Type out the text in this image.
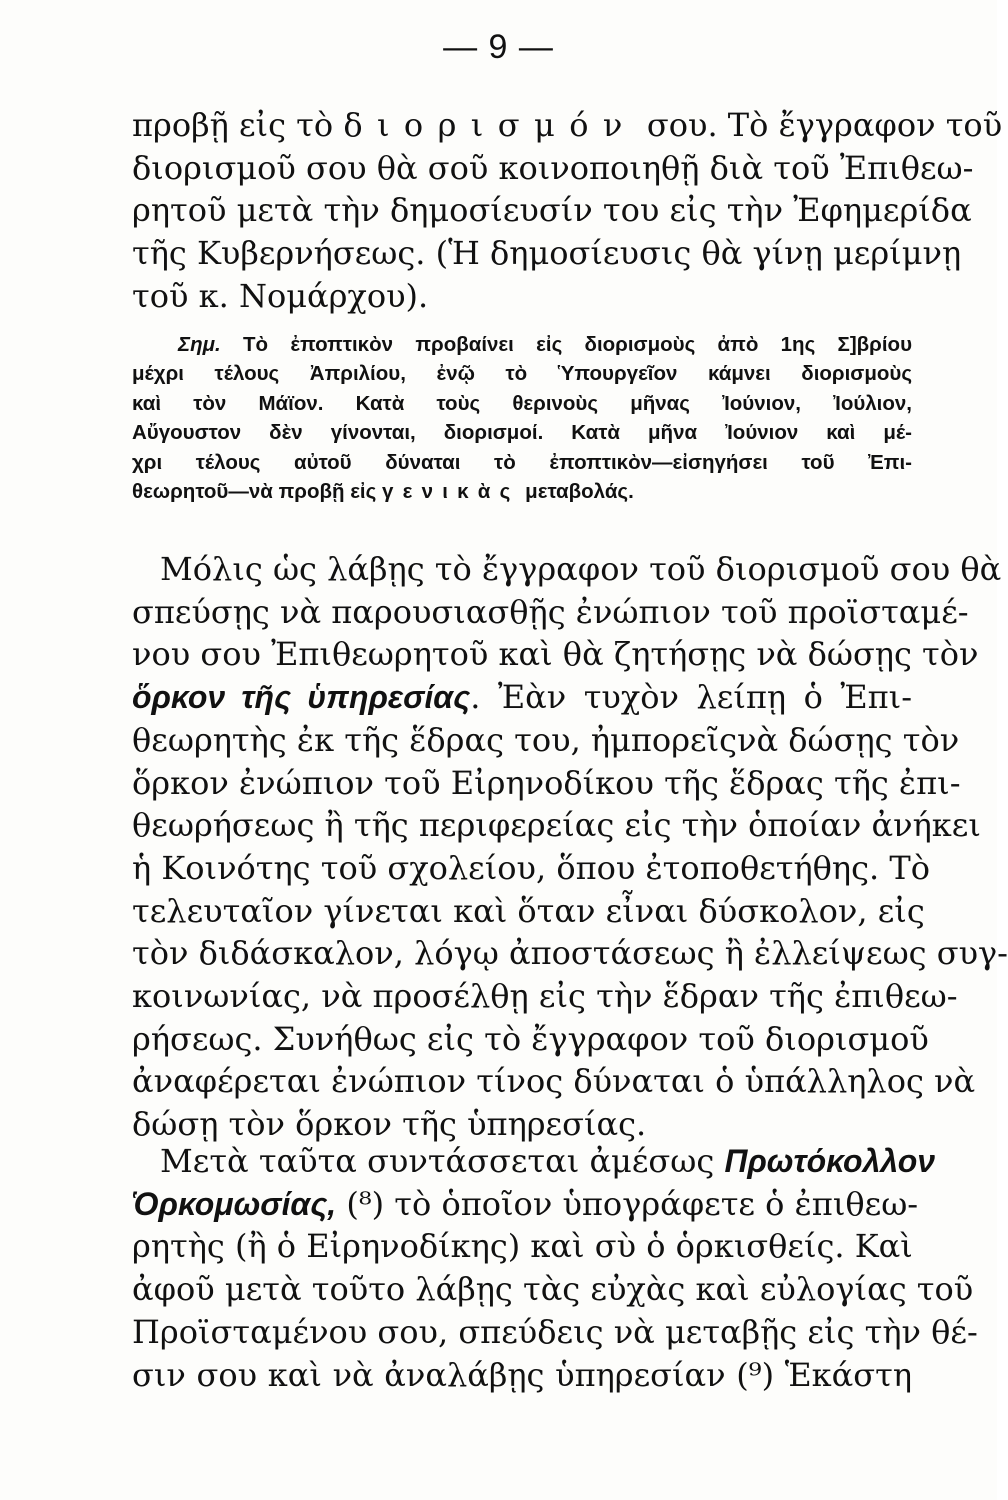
— 9 —
προβῇ εἰς τὸ διορισμόν σου. Τὸ ἔγγραφον τοῦ
διορισμοῦ σου θὰ σοῦ κοινοποιηθῇ διὰ τοῦ Ἐπιθεω-
ρητοῦ μετὰ τὴν δημοσίευσίν του εἰς τὴν Ἐφημερίδα
τῆς Κυβερνήσεως. (Ἡ δημοσίευσις θὰ γίνῃ μερίμνῃ
τοῦ κ. Νομάρχου).
Σημ. Τὸ ἐποπτικὸν προβαίνει εἰς διορισμοὺς ἀπὸ 1ης Σ]βρίου
μέχρι τέλους Ἀπριλίου, ἐνῷ τὸ Ὑπουργεῖον κάμνει διορισμοὺς
καὶ τὸν Μάϊον. Κατὰ τοὺς θερινοὺς μῆνας Ἰούνιον, Ἰούλιον,
Αὔγουστον δὲν γίνονται, διορισμοί. Κατὰ μῆνα Ἰούνιον καὶ μέ-
χρι τέλους αὐτοῦ δύναται τὸ ἐποπτικὸν—εἰσηγήσει τοῦ Ἐπι-
θεωρητοῦ—νὰ προβῇ εἰς γενικὰς μεταβολάς.
Μόλις ὡς λάβῃς τὸ ἔγγραφον τοῦ διορισμοῦ σου θὰ
σπεύσῃς νὰ παρουσιασθῇς ἐνώπιον τοῦ προϊσταμέ-
νου σου Ἐπιθεωρητοῦ καὶ θὰ ζητήσῃς νὰ δώσῃς τὸν
ὅρκον τῆς ὑπηρεσίας. Ἐὰν τυχὸν λείπῃ ὁ Ἐπι-
θεωρητὴς ἐκ τῆς ἕδρας του, ἠμπορεῖςνὰ δώσῃς τὸν
ὅρκον ἐνώπιον τοῦ Εἰρηνοδίκου τῆς ἕδρας τῆς ἐπι-
θεωρήσεως ἢ τῆς περιφερείας εἰς τὴν ὁποίαν ἀνήκει
ἡ Κοινότης τοῦ σχολείου, ὅπου ἐτοποθετήθης. Τὸ
τελευταῖον γίνεται καὶ ὅταν εἶναι δύσκολον, εἰς
τὸν διδάσκαλον, λόγῳ ἀποστάσεως ἢ ἐλλείψεως συγ-
κοινωνίας, νὰ προσέλθῃ εἰς τὴν ἕδραν τῆς ἐπιθεω-
ρήσεως. Συνήθως εἰς τὸ ἔγγραφον τοῦ διορισμοῦ
ἀναφέρεται ἐνώπιον τίνος δύναται ὁ ὑπάλληλος νὰ
δώσῃ τὸν ὅρκον τῆς ὑπηρεσίας.
Μετὰ ταῦτα συντάσσεται ἀμέσως Πρωτόκολλον
Ὁρκομωσίας, (⁸) τὸ ὁποῖον ὑπογράφετε ὁ ἐπιθεω-
ρητὴς (ἢ ὁ Εἰρηνοδίκης) καὶ σὺ ὁ ὁρκισθείς. Καὶ
ἀφοῦ μετὰ τοῦτο λάβῃς τὰς εὐχὰς καὶ εὐλογίας τοῦ
Προϊσταμένου σου, σπεύδεις νὰ μεταβῇς εἰς τὴν θέ-
σιν σου καὶ νὰ ἀναλάβῃς ὑπηρεσίαν (⁹) Ἑκάστη
